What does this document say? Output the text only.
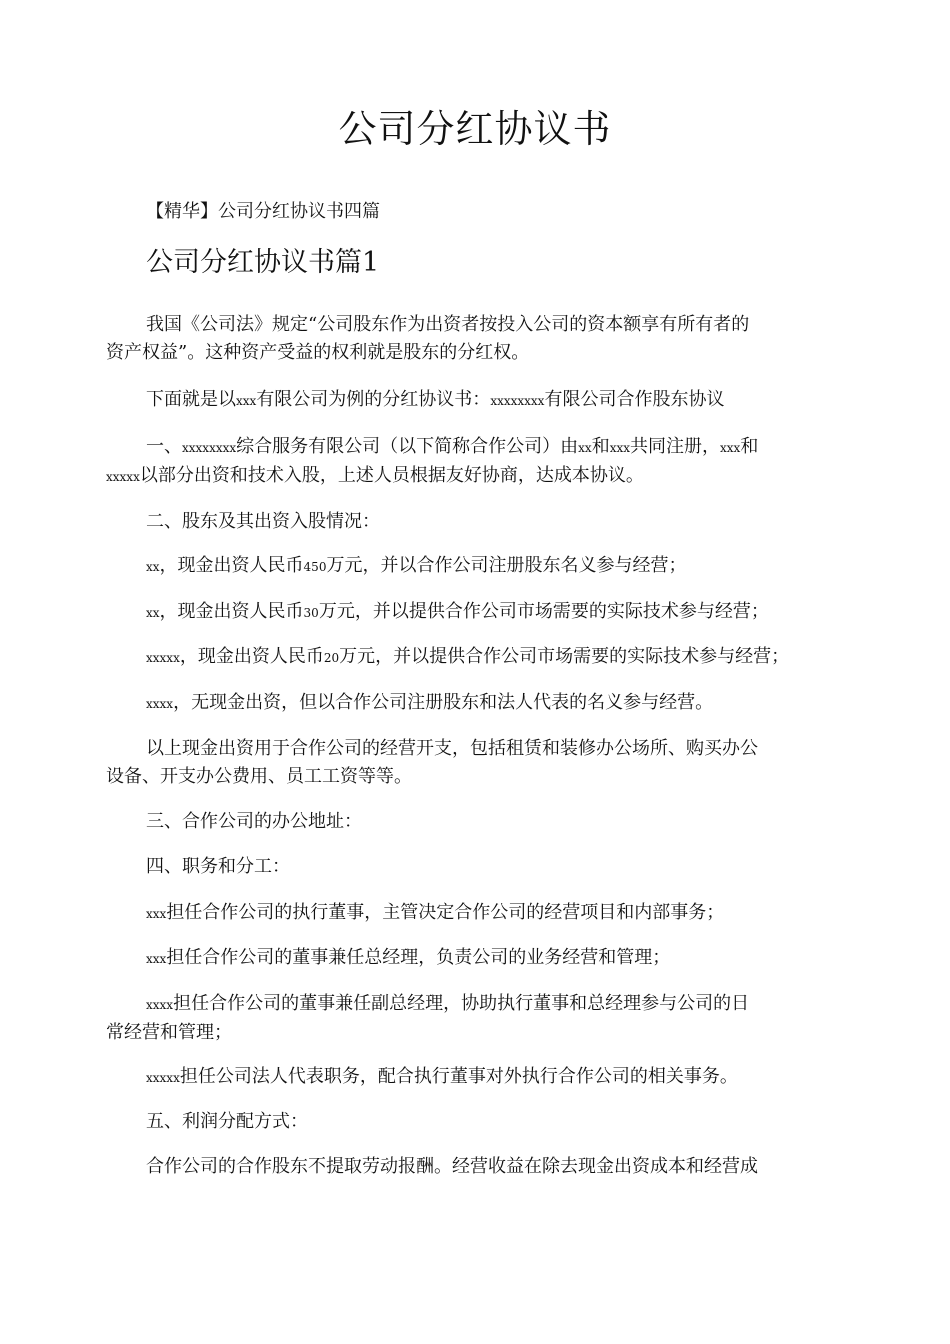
公司分红协议书

【精华】公司分红协议书四篇

公司分红协议书篇1
我国《公司法》规定“公司股东作为出资者按投入公司的资本额享有所有者的
资产权益”。这种资产受益的权利就是股东的分红权。
下面就是以xxx有限公司为例的分红协议书：xxxxxxxx有限公司合作股东协议
一、xxxxxxxx综合服务有限公司（以下简称合作公司）由xx和xxx共同注册，xxx和
xxxxx以部分出资和技术入股，上述人员根据友好协商，达成本协议。
二、股东及其出资入股情况：
xx，现金出资人民币450万元，并以合作公司注册股东名义参与经营；
xx，现金出资人民币30万元，并以提供合作公司市场需要的实际技术参与经营；
xxxxx，现金出资人民币20万元，并以提供合作公司市场需要的实际技术参与经营；
xxxx，无现金出资，但以合作公司注册股东和法人代表的名义参与经营。
以上现金出资用于合作公司的经营开支，包括租赁和装修办公场所、购买办公
设备、开支办公费用、员工工资等等。
三、合作公司的办公地址：
四、职务和分工：
xxx担任合作公司的执行董事，主管决定合作公司的经营项目和内部事务；
xxx担任合作公司的董事兼任总经理，负责公司的业务经营和管理；
xxxx担任合作公司的董事兼任副总经理，协助执行董事和总经理参与公司的日
常经营和管理；
xxxxx担任公司法人代表职务，配合执行董事对外执行合作公司的相关事务。
五、利润分配方式：
合作公司的合作股东不提取劳动报酬。经营收益在除去现金出资成本和经营成
